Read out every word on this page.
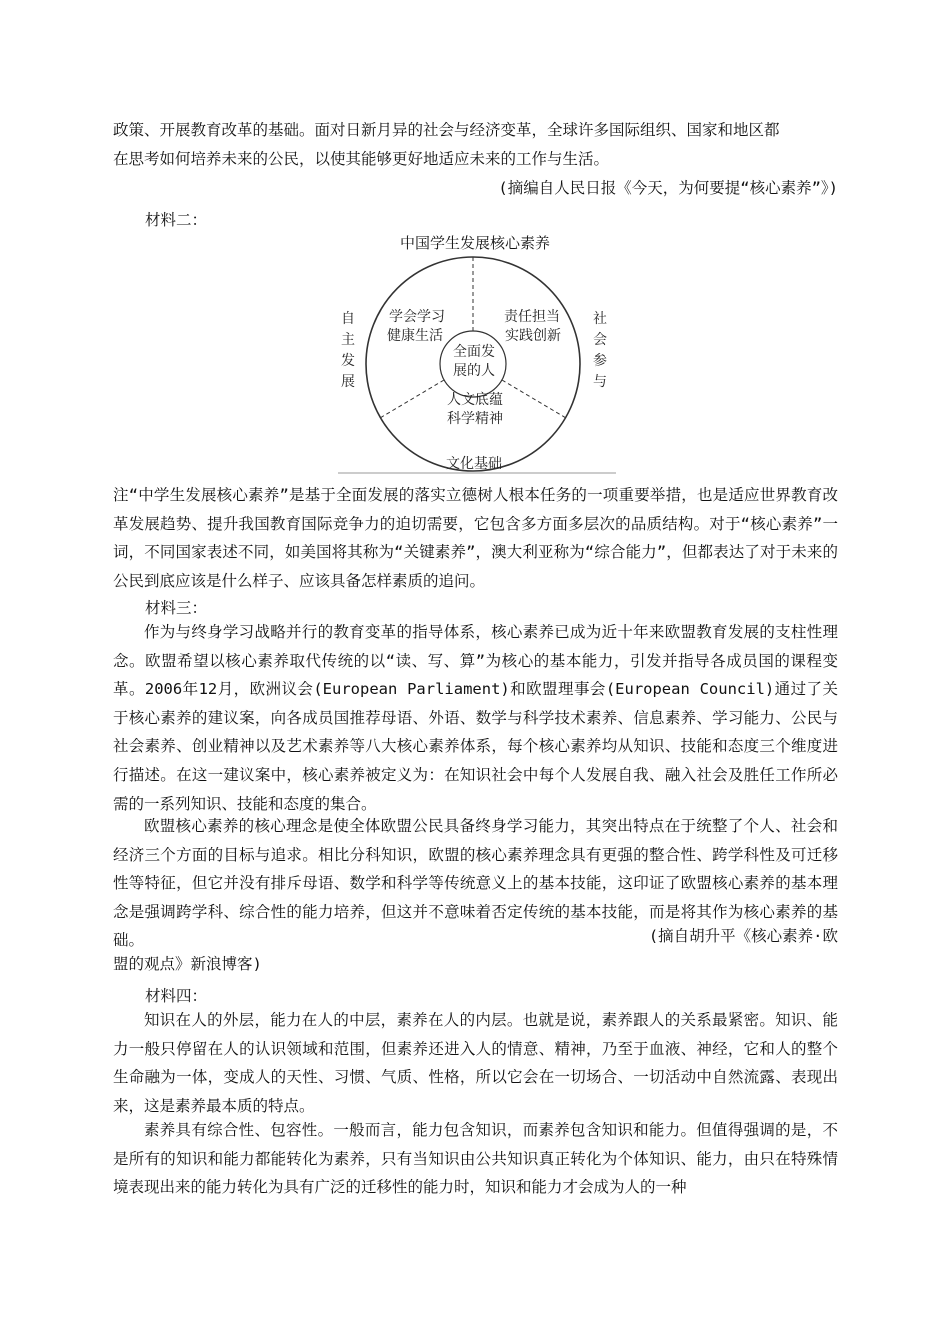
政策、开展教育改革的基础。面对日新月异的社会与经济变革，全球许多国际组织、国家和地区都
在思考如何培养未来的公民，以使其能够更好地适应未来的工作与生活。
(摘编自人民日报《今天，为何要提“核心素养”》)
材料二：
中国学生发展核心素养
自
主
发
展
社
会
参
与
学会学习
健康生活
责任担当
实践创新
全面发
展的人
人文底蕴
科学精神
文化基础
注“中学生发展核心素养”是基于全面发展的落实立德树人根本任务的一项重要举措，也是适应世界教育改革发展趋势、提升我国教育国际竞争力的迫切需要，它包含多方面多层次的品质结构。对于“核心素养”一词，不同国家表述不同，如美国将其称为“关键素养”，澳大利亚称为“综合能力”，但都表达了对于未来的公民到底应该是什么样子、应该具备怎样素质的追问。
材料三：
作为与终身学习战略并行的教育变革的指导体系，核心素养已成为近十年来欧盟教育发展的支柱性理念。欧盟希望以核心素养取代传统的以“读、写、算”为核心的基本能力，引发并指导各成员国的课程变革。2006年12月，欧洲议会(European Parliament)和欧盟理事会(European Council)通过了关于核心素养的建议案，向各成员国推荐母语、外语、数学与科学技术素养、信息素养、学习能力、公民与社会素养、创业精神以及艺术素养等八大核心素养体系，每个核心素养均从知识、技能和态度三个维度进行描述。在这一建议案中，核心素养被定义为：在知识社会中每个人发展自我、融入社会及胜任工作所必需的一系列知识、技能和态度的集合。
欧盟核心素养的核心理念是使全体欧盟公民具备终身学习能力，其突出特点在于统整了个人、社会和经济三个方面的目标与追求。相比分科知识，欧盟的核心素养理念具有更强的整合性、跨学科性及可迁移性等特征，但它并没有排斥母语、数学和科学等传统意义上的基本技能，这印证了欧盟核心素养的基本理念是强调跨学科、综合性的能力培养，但这并不意味着否定传统的基本技能，而是将其作为核心素养的基础。	(摘自胡升平《核心素养·欧
盟的观点》新浪博客)
材料四：
知识在人的外层，能力在人的中层，素养在人的内层。也就是说，素养跟人的关系最紧密。知识、能力一般只停留在人的认识领域和范围，但素养还进入人的情意、精神，乃至于血液、神经，它和人的整个生命融为一体，变成人的天性、习惯、气质、性格，所以它会在一切场合、一切活动中自然流露、表现出来，这是素养最本质的特点。
素养具有综合性、包容性。一般而言，能力包含知识，而素养包含知识和能力。但值得强调的是，不是所有的知识和能力都能转化为素养，只有当知识由公共知识真正转化为个体知识、能力，由只在特殊情境表现出来的能力转化为具有广泛的迁移性的能力时，知识和能力才会成为人的一种
